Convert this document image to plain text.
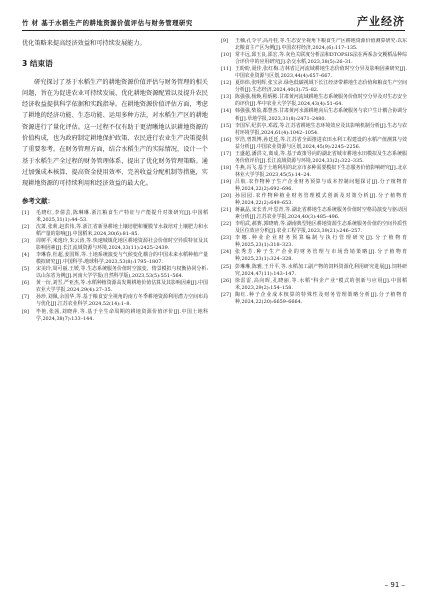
竹 材 基于水稻生产的耕地资源价值评估与财务管理研究	产业经济

优化策略来提高经济效益和可持续发展能力。

3 结束语

研究探讨了基于水稻生产的耕地资源价值评估与财务管理的相关问题，旨在为促进农业可持续发展、优化耕地资源配置以及提升农民经济收益提供科学依据和实践指导。在耕地资源价值评估方面，考虑了耕地的经济功能、生态功能、运用多种方法，对水稻生产区的耕地资源进行了量化评估。这一过程不仅有助于更清晰地认识耕地资源的价值构成，也为政府制定耕地保护政策、农民进行农业生产决策提供了重要参考。在财务管理方面，结合水稻生产的实际情况，设计一个基于水稻生产全过程的财务管理体系，提出了优化财务管理策略。通过加强成本核算、提高资金使用效率、完善收益分配机制等措施，实现耕地资源的可持续利用和经济效益的最大化。

参考文献：
[1]	毛晓红,李倩芸,陈琳琳.浙江粮食生产特征与产能提升对策研究[J].中国稻米,2025,31(1):44–53.
[2]	沈萧,张莉,赵洪伟,等.浙江省新垦耕地土壤培肥和覆膜节水栽培对土壤肥力和水稻产量的影响[J].中国稻米,2024,30(6):81–85.
[3]	周树平,米逸玲,朱云涛,等.快速城镇化地区耕地资源社会价值时空异质特征及其影响因素[J].长江流域资源与环境,2024,33(11):2425–2439.
[4]	李琳春,杜超,姜国辉,等.土地系统演变与气候变化耦合的中国未来水稻种植产量模拟研究[J].中国科学:地球科学,2023,53(8):1795–1807.
[5]	宋美玲,周可丽,王媛,等.生态系统服务价值时空演变、情景模拟与权衡协同分析:以山东省为例[J].河南大学学报(自然科学版),2023,53(5):551–564.
[6]	黄一衍,刘雪,严亚杰,等.水稻种植资源高发期耕地价值估算及其影响因素[J].中国农业大学学报,2024,29(4):27–35.
[7]	孙珍,刘佩,余国华,等.基于粮食安全视角的南方冬季耕地资源利用潜力空间布局与优化[J].江苏农业科学,2024,52(14):1–8.
[8]	毕艳,张茜,刘晓萍,等.基于全生命周期的耕地资源价值评价[J].中国土地科学,2024,38(7):133–144.
[9]	王楠,孔令宇,高丹桂,等.生态安全视角下粮食生产区耕地资源价值测算研究:以东北粮食主产区为例[J].中国农村经济,2024,(6):117–135.
[10] 常丰远,邱玉良,邵宏,等.灰色关联度分析法和DTOPSIS法在两系杂交粳稻品种综合评价中的应用研究[J].杂交水稻,2023,38(5):26–31.
[11] 王盼盼,聂佳,张红梅.吉林省辽河流域耕地生态价值时空分异及影响因素研究[J].中国农业资源与区划,2023,44(4):657–667.
[12] 夏炜炜,张明辉,张宝录.绿色低碳视域下长江经济带耕地生态价值和粮食生产空间分析[J].生态经济,2024,40(3):75–82.
[13] 陈强强,杨焕,程炳彬.甘肃黄河流域耕地生态系统服务价值时空分异及对生态安全的评价[J].华中农业大学学报,2024,43(4):51–64.
[14] 韩强强,柴盈,都慧杰.甘肃黄河水源耕地向后生态系统服务与农户生计耦合协调分析[J].草地学报,2023,31(8):2471–2480.
[15] 李国军,纪洪亭,邓霞,等.江苏省耕地生态环境效应及其影响机制分析[J].生态与农村环境学报,2024,61(4):1042–1054.
[16] 罗浩,曾凯博,孙廷廷,等.江苏省全面推进农田水利工程建设的水稻产值测算与效益分析[J].中国农业资源与区划,2024,45(9):2245–2256.
[17] 王盛超,潘洪文,离成,等.基于政策导向的湖北省城市耕地水田模拟及生态系统服务价值评价[J].长江流域资源与环境,2024,33(2):322–335.
[18] 牛燕,冯飞.基于土地利用的北京市多种需要模拟下生态服务价值影响研究[J].北京林业大学学报,2023,45(5):14–24.
[19] 吕航.农作物种子生产企业财务预算与成本控制问题探讨[J].分子植物育种,2024,22(2):692–696.
[20] 孙园园.农作物种植业财务管理模式创新及对策分析[J].分子植物育种,2024,22(2):649–653.
[21] 蒋赢晶,宋长青,叶思青,等.湖北省耕地生态系统服务价值时空格局演变与驱动因素分析[J].江苏农业学报,2024,40(3):485–496.
[22] 李绍武,郝赛,郭晓晴,等.湖南典型地区耕地资源生态系统服务价值的空间异质性及区位效应分析[J].农业工程学报,2023,39(21):246–257.
[23] 李娜.种业企业财务预算编制与执行管理研究[J].分子植物育种,2025,23(1):318–323.
[24] 张秀芳.种子生产企业的财务管理与市场营销策略[J].分子植物育种,2025,23(1):324–328.
[25] 彭琳琳,陈雅,王升平,等.水稻加工副产物的饲料资源化利用研究进展[J].饲料研究,2024,47(11):143–147.
[26] 徐雷雷,高向晖,孔晓丽,等.水稻"科企产业"模式的创新与应用[J].中国稻米,2023,29(2):154–158.
[27] 陶红.种子企业成本核算的特殊性及财务管理策略分析[J].分子植物育种,2024,22(20):6659–6664.
– 91 –
